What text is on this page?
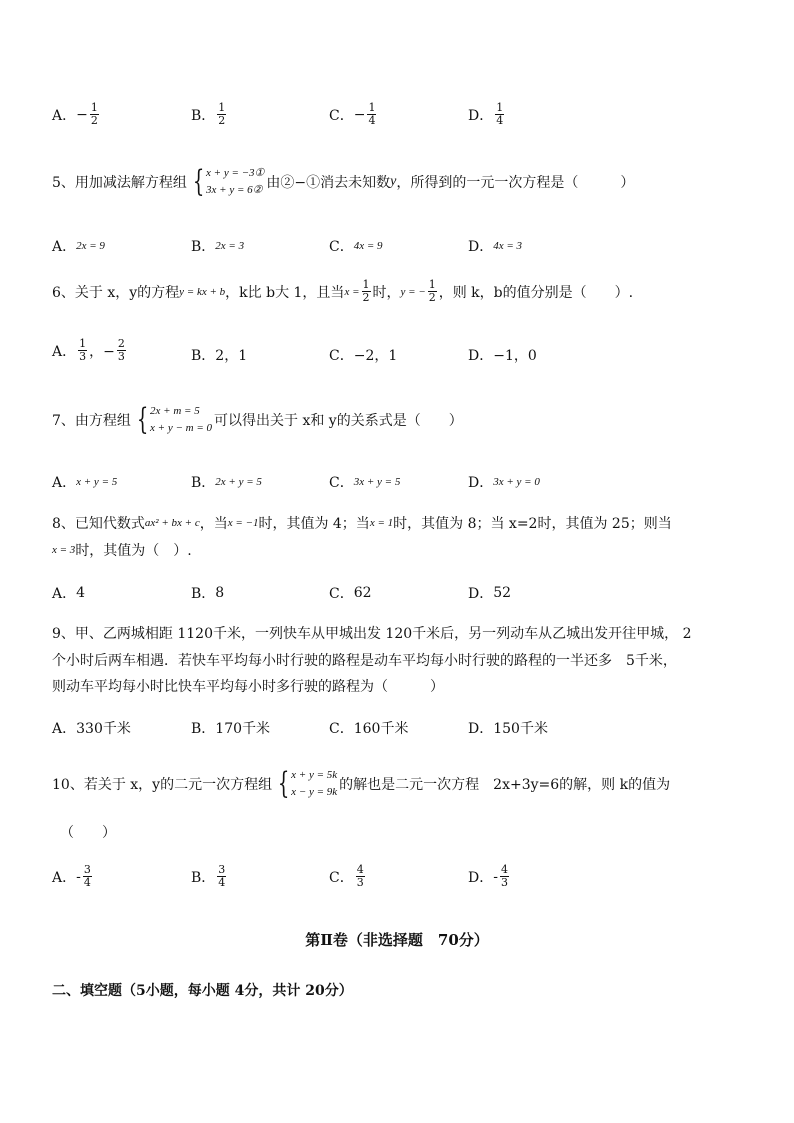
A． − $\frac{1}{2}$	B． $\frac{1}{2}$	C． − $\frac{1}{4}$	D． $\frac{1}{4}$
5、用加减法解方程组 { x + y = −3①
3x + y = 6② 由②−①消去未知数 y ，所得到的一元一次方程是（　　　）
A． 2x = 9	B． 2x = 3	C． 4x = 9	D． 4x = 3
6、关于 x，y的方程 y = kx + b ，k比 b大 1，且当 $x = \frac{1}{2}$ 时， y = − $\frac{1}{2}$ ，则 k，b的值分别是（　　）.
A． $\frac{1}{3}$ ，− $\frac{2}{3}$	B． 2，1	C． −2，1	D． −1，0
7、由方程组 { 2x + m = 5
x + y − m = 0 可以得出关于 x和 y的关系式是（　　）
A． x + y = 5	B． 2x + y = 5	C． 3x + y = 5	D． 3x + y = 0
8、已知代数式 ax² + bx + c ，当 x = −1 时，其值为 4；当 x = 1 时，其值为 8；当 x=2时，其值为 25；则当
x = 3 时，其值为（　）.
A． 4	B． 8	C． 62	D． 52
9、甲、乙两城相距 1120千米，一列快车从甲城出发 120千米后，另一列动车从乙城出发开往甲城， 2
个小时后两车相遇．若快车平均每小时行驶的路程是动车平均每小时行驶的路程的一半还多　5千米，
则动车平均每小时比快车平均每小时多行驶的路程为（　　　）
A． 330千米	B． 170千米	C． 160千米	D． 150千米
10、若关于 x，y的二元一次方程组 { x + y = 5k
x − y = 9k 的解也是二元一次方程　2x+3y=6的解，则 k的值为
（　　）
A． - $\frac{3}{4}$	B． $\frac{3}{4}$	C． $\frac{4}{3}$	D． - $\frac{4}{3}$
第Ⅱ卷（非选择题　70分）
二、填空题（5小题，每小题 4分，共计 20分）
